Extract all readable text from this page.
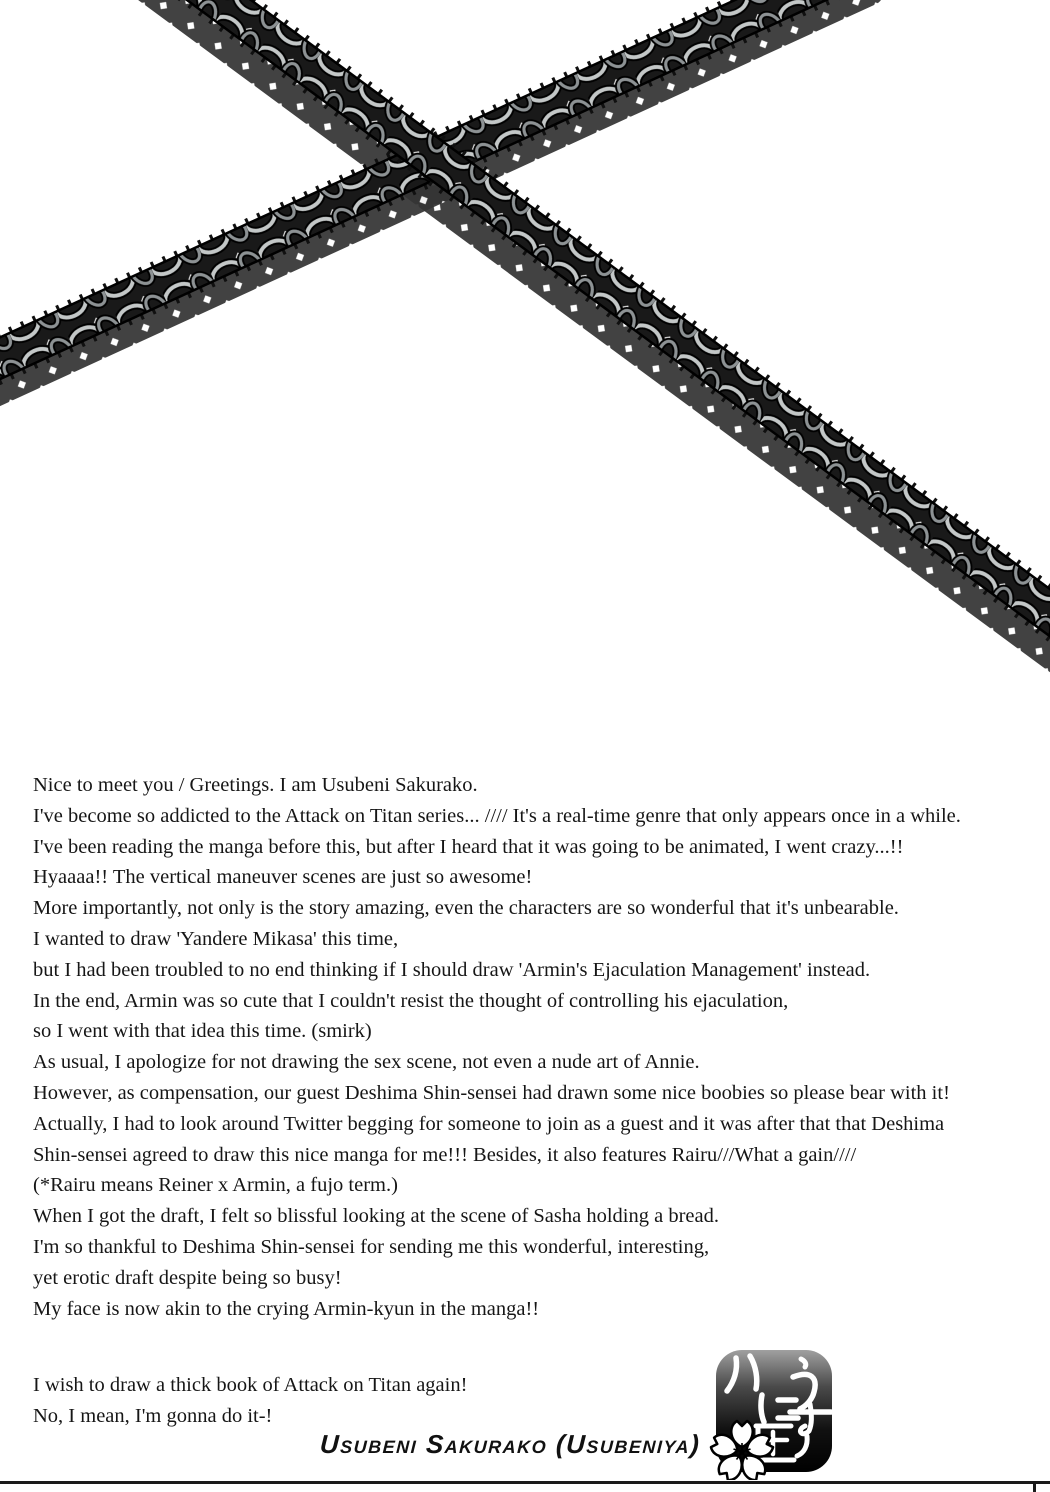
Nice to meet you / Greetings. I am Usubeni Sakurako.
I've become so addicted to the Attack on Titan series... //// It's a real-time genre that only appears once in a while.
I've been reading the manga before this, but after I heard that it was going to be animated, I went crazy...!!
Hyaaaa!! The vertical maneuver scenes are just so awesome!
More importantly, not only is the story amazing, even the characters are so wonderful that it's unbearable.
I wanted to draw 'Yandere Mikasa' this time,
but I had been troubled to no end thinking if I should draw 'Armin's Ejaculation Management' instead.
In the end, Armin was so cute that I couldn't resist the thought of controlling his ejaculation,
so I went with that idea this time. (smirk)
As usual, I apologize for not drawing the sex scene, not even a nude art of Annie.
However, as compensation, our guest Deshima Shin-sensei had drawn some nice boobies so please bear with it!
Actually, I had to look around Twitter begging for someone to join as a guest and it was after that that Deshima
Shin-sensei agreed to draw this nice manga for me!!! Besides, it also features Rairu///What a gain////
(*Rairu means Reiner x Armin, a fujo term.)
When I got the draft, I felt so blissful looking at the scene of Sasha holding a bread.
I'm so thankful to Deshima Shin-sensei for sending me this wonderful, interesting,
yet erotic draft despite being so busy!
My face is now akin to the crying Armin-kyun in the manga!!
I wish to draw a thick book of Attack on Titan again!
No, I mean, I'm gonna do it-!
Usubeni Sakurako (Usubeniya)
